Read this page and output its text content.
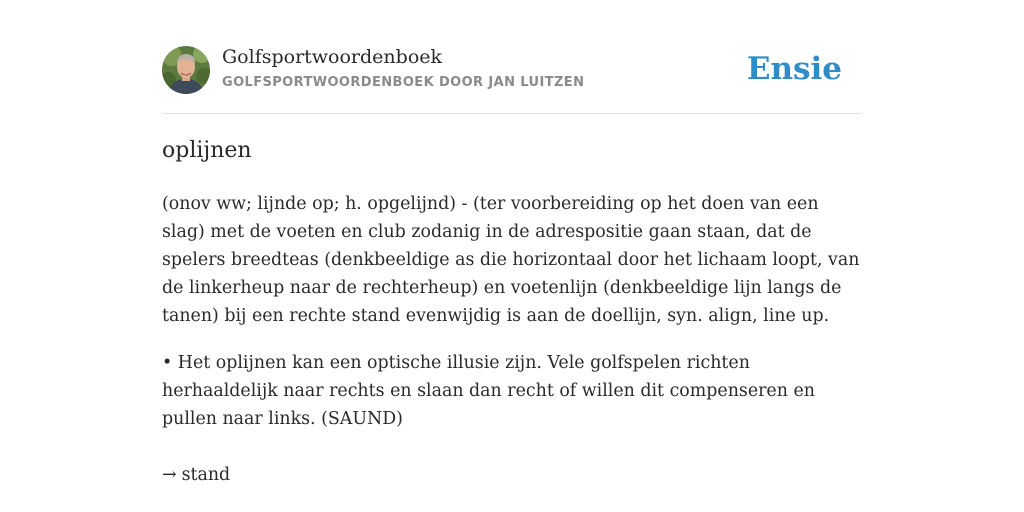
Golfsportwoordenboek
GOLFSPORTWOORDENBOEK DOOR JAN LUITZEN	Ensie
oplijnen

(onov ww; lijnde op; h. opgelijnd) - (ter voorbereiding op het doen van een slag) met de voeten en club zodanig in de adrespositie gaan staan, dat de spelers breedteas (denkbeeldige as die horizontaal door het lichaam loopt, van de linkerheup naar de rechterheup) en voetenlijn (denkbeeldige lijn langs de tanen) bij een rechte stand evenwijdig is aan de doellijn, syn. align, line up.

• Het oplijnen kan een optische illusie zijn. Vele golfspelen richten herhaaldelijk naar rechts en slaan dan recht of willen dit compenseren en pullen naar links. (SAUND)

→ stand
